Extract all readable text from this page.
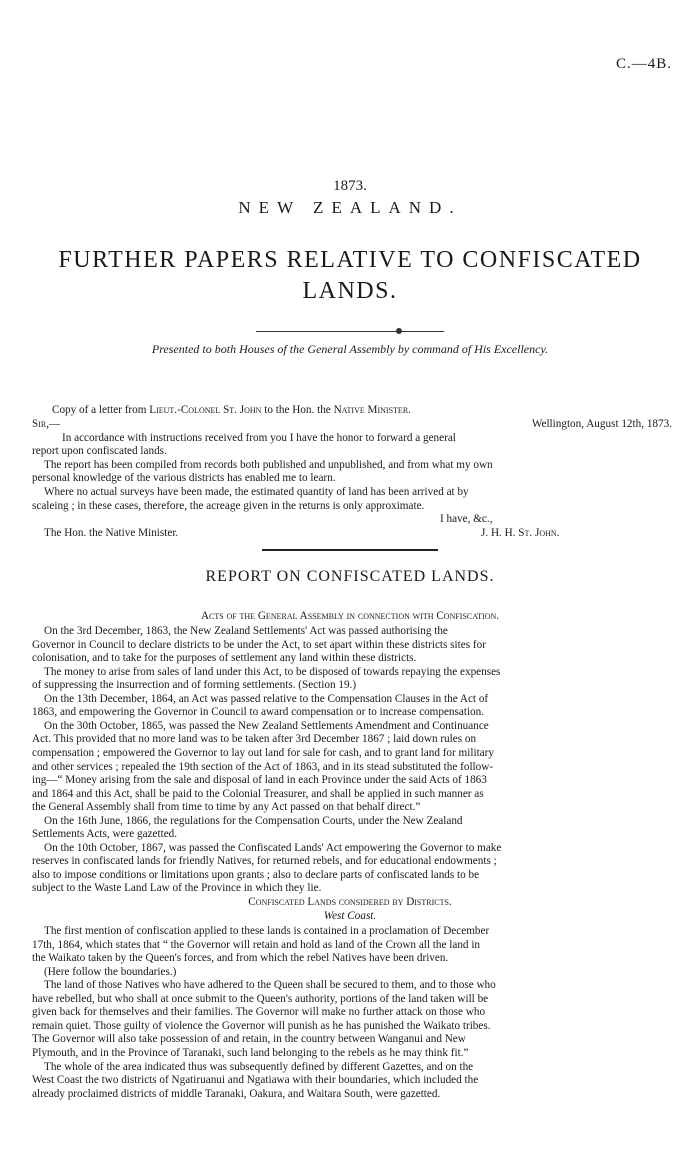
C.—4B.
1873.
NEW ZEALAND.
FURTHER PAPERS RELATIVE TO CONFISCATED
LANDS.
Presented to both Houses of the General Assembly by command of His Excellency.
Copy of a letter from Lieut.-Colonel St. John to the Hon. the Native Minister.
Sir,—	Wellington, August 12th, 1873.
In accordance with instructions received from you I have the honor to forward a general
report upon confiscated lands.
The report has been compiled from records both published and unpublished, and from what my own
personal knowledge of the various districts has enabled me to learn.
Where no actual surveys have been made, the estimated quantity of land has been arrived at by
scaleing ; in these cases, therefore, the acreage given in the returns is only approximate.
I have, &c.,
The Hon. the Native Minister.	J. H. H. St. John.
REPORT ON CONFISCATED LANDS.
Acts of the General Assembly in connection with Confiscation.
On the 3rd December, 1863, the New Zealand Settlements' Act was passed authorising the
Governor in Council to declare districts to be under the Act, to set apart within these districts sites for
colonisation, and to take for the purposes of settlement any land within these districts.
The money to arise from sales of land under this Act, to be disposed of towards repaying the expenses
of suppressing the insurrection and of forming settlements. (Section 19.)
On the 13th December, 1864, an Act was passed relative to the Compensation Clauses in the Act of
1863, and empowering the Governor in Council to award compensation or to increase compensation.
On the 30th October, 1865, was passed the New Zealand Settlements Amendment and Continuance
Act. This provided that no more land was to be taken after 3rd December 1867 ; laid down rules on
compensation ; empowered the Governor to lay out land for sale for cash, and to grant land for military
and other services ; repealed the 19th section of the Act of 1863, and in its stead substituted the follow-
ing—“ Money arising from the sale and disposal of land in each Province under the said Acts of 1863
and 1864 and this Act, shall be paid to the Colonial Treasurer, and shall be applied in such manner as
the General Assembly shall from time to time by any Act passed on that behalf direct.”
On the 16th June, 1866, the regulations for the Compensation Courts, under the New Zealand
Settlements Acts, were gazetted.
On the 10th October, 1867, was passed the Confiscated Lands' Act empowering the Governor to make
reserves in confiscated lands for friendly Natives, for returned rebels, and for educational endowments ;
also to impose conditions or limitations upon grants ; also to declare parts of confiscated lands to be
subject to the Waste Land Law of the Province in which they lie.
Confiscated Lands considered by Districts.
West Coast.
The first mention of confiscation applied to these lands is contained in a proclamation of December
17th, 1864, which states that “ the Governor will retain and hold as land of the Crown all the land in
the Waikato taken by the Queen's forces, and from which the rebel Natives have been driven.
(Here follow the boundaries.)
The land of those Natives who have adhered to the Queen shall be secured to them, and to those who
have rebelled, but who shall at once submit to the Queen's authority, portions of the land taken will be
given back for themselves and their families. The Governor will make no further attack on those who
remain quiet. Those guilty of violence the Governor will punish as he has punished the Waikato tribes.
The Governor will also take possession of and retain, in the country between Wanganui and New
Plymouth, and in the Province of Taranaki, such land belonging to the rebels as he may think fit.”
The whole of the area indicated thus was subsequently defined by different Gazettes, and on the
West Coast the two districts of Ngatiruanui and Ngatiawa with their boundaries, which included the
already proclaimed districts of middle Taranaki, Oakura, and Waitara South, were gazetted.
